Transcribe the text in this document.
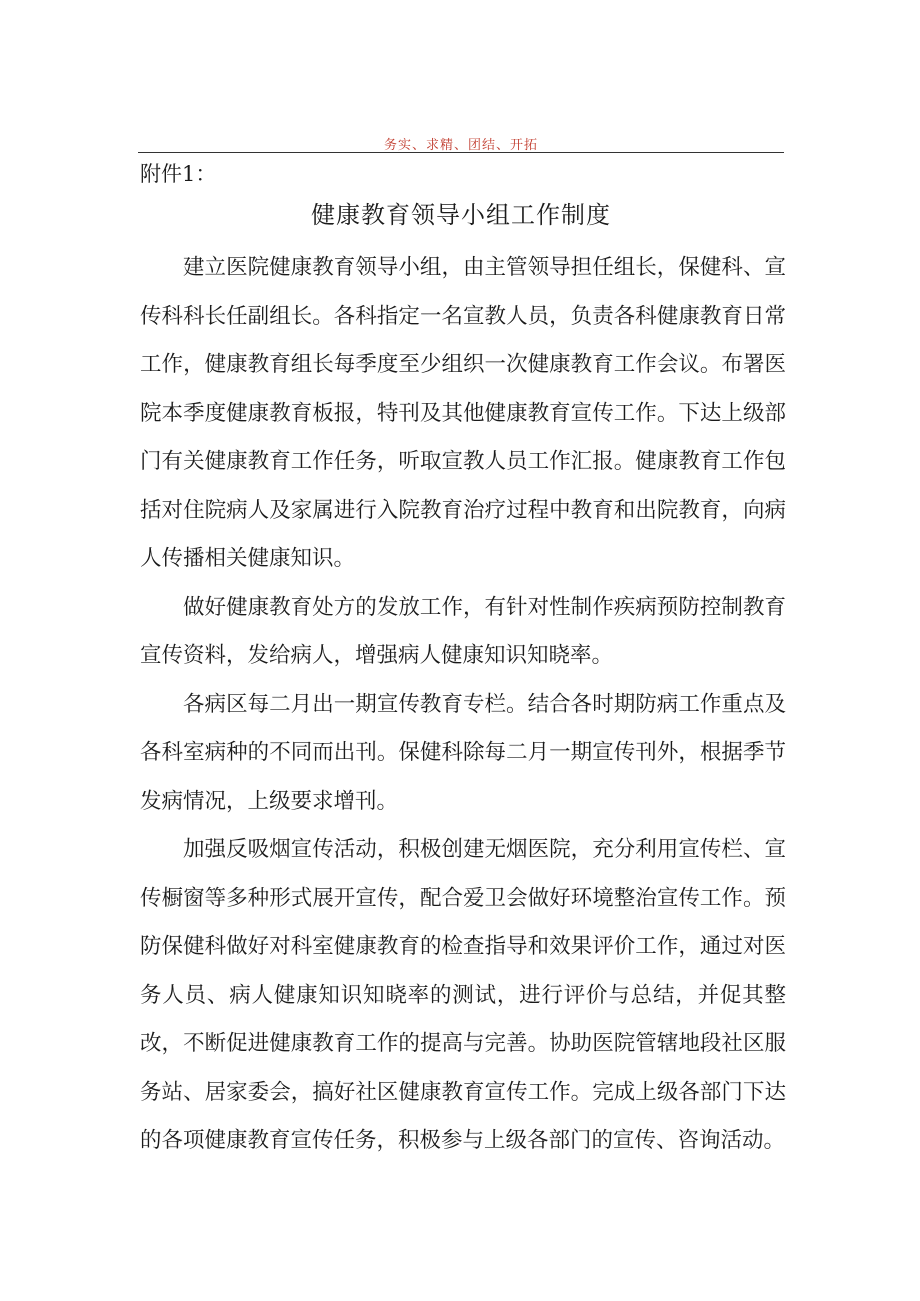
务实、求精、团结、开拓
附件1：
健康教育领导小组工作制度

建立医院健康教育领导小组，由主管领导担任组长，保健科、宣传科科长任副组长。各科指定一名宣教人员，负责各科健康教育日常工作，健康教育组长每季度至少组织一次健康教育工作会议。布署医院本季度健康教育板报，特刊及其他健康教育宣传工作。下达上级部门有关健康教育工作任务，听取宣教人员工作汇报。健康教育工作包括对住院病人及家属进行入院教育治疗过程中教育和出院教育，向病人传播相关健康知识。

做好健康教育处方的发放工作，有针对性制作疾病预防控制教育宣传资料，发给病人，增强病人健康知识知晓率。

各病区每二月出一期宣传教育专栏。结合各时期防病工作重点及各科室病种的不同而出刊。保健科除每二月一期宣传刊外，根据季节发病情况，上级要求增刊。

加强反吸烟宣传活动，积极创建无烟医院，充分利用宣传栏、宣传橱窗等多种形式展开宣传，配合爱卫会做好环境整治宣传工作。预防保健科做好对科室健康教育的检查指导和效果评价工作，通过对医务人员、病人健康知识知晓率的测试，进行评价与总结，并促其整改，不断促进健康教育工作的提高与完善。协助医院管辖地段社区服务站、居家委会，搞好社区健康教育宣传工作。完成上级各部门下达的各项健康教育宣传任务，积极参与上级各部门的宣传、咨询活动。
